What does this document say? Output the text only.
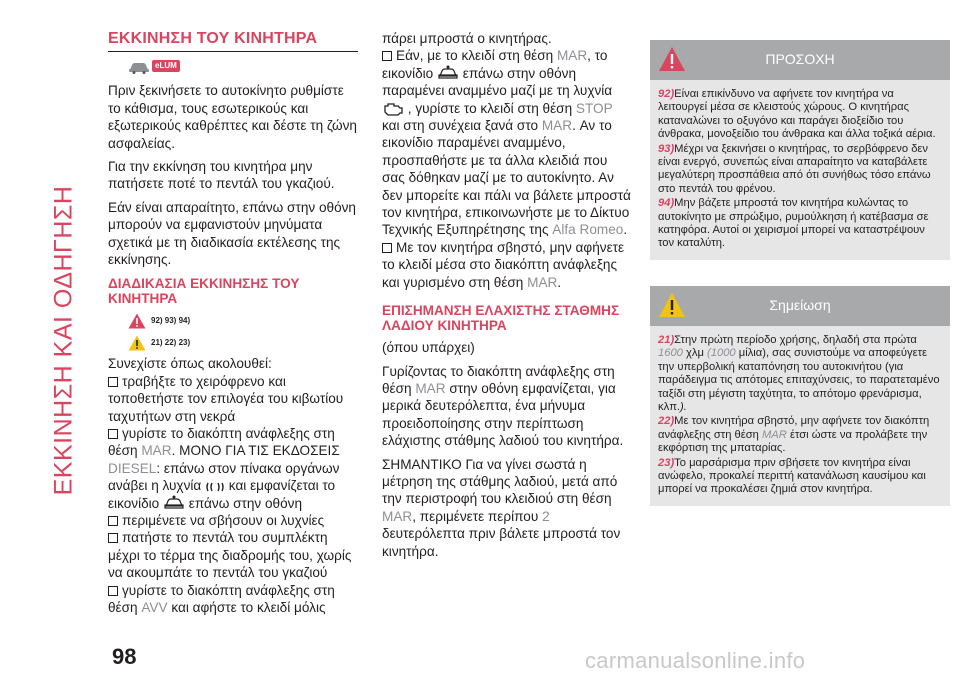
ΕΚΚΙΝΗΣΗ ΚΑΙ ΟΔΗΓΗΣΗ
ΕΚΚΙΝΗΣΗ ΤΟΥ ΚΙΝΗΤΗΡΑ
eLUM

Πριν ξεκινήσετε το αυτοκίνητο ρυθμίστε το κάθισμα, τους εσωτερικούς και εξωτερικούς καθρέπτες και δέστε τη ζώνη ασφαλείας.

Για την εκκίνηση του κινητήρα μην πατήσετε ποτέ το πεντάλ του γκαζιού.

Εάν είναι απαραίτητο, επάνω στην οθόνη μπορούν να εμφανιστούν μηνύματα σχετικά με τη διαδικασία εκτέλεσης της εκκίνησης.

ΔΙΑΔΙΚΑΣΙΑ ΕΚΚΙΝΗΣΗΣ ΤΟΥ ΚΙΝΗΤΗΡΑ
92) 93) 94)
21) 22) 23)

Συνεχίστε όπως ακολουθεί:

τραβήξτε το χειρόφρενο και τοποθετήστε τον επιλογέα του κιβωτίου ταχυτήτων στη νεκρά

γυρίστε το διακόπτη ανάφλεξης στη θέση MAR. ΜΟΝΟ ΓΙΑ ΤΙΣ ΕΚΔΟΣΕΙΣ DIESEL: επάνω στον πίνακα οργάνων ανάβει η λυχνία  και εμφανίζεται το εικονίδιο  επάνω στην οθόνη

περιμένετε να σβήσουν οι λυχνίες

πατήστε το πεντάλ του συμπλέκτη μέχρι το τέρμα της διαδρομής του, χωρίς να ακουμπάτε το πεντάλ του γκαζιού

γυρίστε το διακόπτη ανάφλεξης στη θέση AVV και αφήστε το κλειδί μόλις

πάρει μπροστά ο κινητήρας.

Εάν, με το κλειδί στη θέση MAR, το εικονίδιο  επάνω στην οθόνη παραμένει αναμμένο μαζί με τη λυχνία  , γυρίστε το κλειδί στη θέση STOP και στη συνέχεια ξανά στο MAR. Αν το εικονίδιο παραμένει αναμμένο, προσπαθήστε με τα άλλα κλειδιά που σας δόθηκαν μαζί με το αυτοκίνητο. Αν δεν μπορείτε και πάλι να βάλετε μπροστά τον κινητήρα, επικοινωνήστε με το Δίκτυο Τεχνικής Εξυπηρέτησης της Alfa Romeo.

Με τον κινητήρα σβηστό, μην αφήνετε το κλειδί μέσα στο διακόπτη ανάφλεξης και γυρισμένο στη θέση MAR.

ΕΠΙΣΗΜΑΝΣΗ ΕΛΑΧΙΣΤΗΣ ΣΤΑΘΜΗΣ ΛΑΔΙΟΥ ΚΙΝΗΤΗΡΑ

(όπου υπάρχει)

Γυρίζοντας το διακόπτη ανάφλεξης στη θέση MAR στην οθόνη εμφανίζεται, για μερικά δευτερόλεπτα, ένα μήνυμα προειδοποίησης στην περίπτωση ελάχιστης στάθμης λαδιού του κινητήρα.

ΣΗΜΑΝΤΙΚΟ Για να γίνει σωστά η μέτρηση της στάθμης λαδιού, μετά από την περιστροφή του κλειδιού στη θέση MAR, περιμένετε περίπου 2 δευτερόλεπτα πριν βάλετε μπροστά τον κινητήρα.

ΠΡΟΣΟΧΗ

92)Είναι επικίνδυνο να αφήνετε τον κινητήρα να λειτουργεί μέσα σε κλειστούς χώρους. Ο κινητήρας καταναλώνει το οξυγόνο και παράγει διοξείδιο του άνθρακα, μονοξείδιο του άνθρακα και άλλα τοξικά αέρια.

93)Μέχρι να ξεκινήσει ο κινητήρας, το σερβόφρενο δεν είναι ενεργό, συνεπώς είναι απαραίτητο να καταβάλετε μεγαλύτερη προσπάθεια από ότι συνήθως τόσο επάνω στο πεντάλ του φρένου.

94)Μην βάζετε μπροστά τον κινητήρα κυλώντας το αυτοκίνητο με σπρώξιμο, ρυμούλκηση ή κατέβασμα σε κατηφόρα. Αυτοί οι χειρισμοί μπορεί να καταστρέψουν τον καταλύτη.

Σημείωση

21)Στην πρώτη περίοδο χρήσης, δηλαδή στα πρώτα 1600 χλμ (1000 μίλια), σας συνιστούμε να αποφεύγετε την υπερβολική καταπόνηση του αυτοκινήτου (για παράδειγμα τις απότομες επιταχύνσεις, το παρατεταμένο ταξίδι στη μέγιστη ταχύτητα, το απότομο φρενάρισμα, κλπ.).

22)Με τον κινητήρα σβηστό, μην αφήνετε τον διακόπτη ανάφλεξης στη θέση MAR έτσι ώστε να προλάβετε την εκφόρτιση της μπαταρίας.

23)Το μαρσάρισμα πριν σβήσετε τον κινητήρα είναι ανώφελο, προκαλεί περιττή κατανάλωση καυσίμου και μπορεί να προκαλέσει ζημιά στον κινητήρα.

98	carmanualsonline.info
